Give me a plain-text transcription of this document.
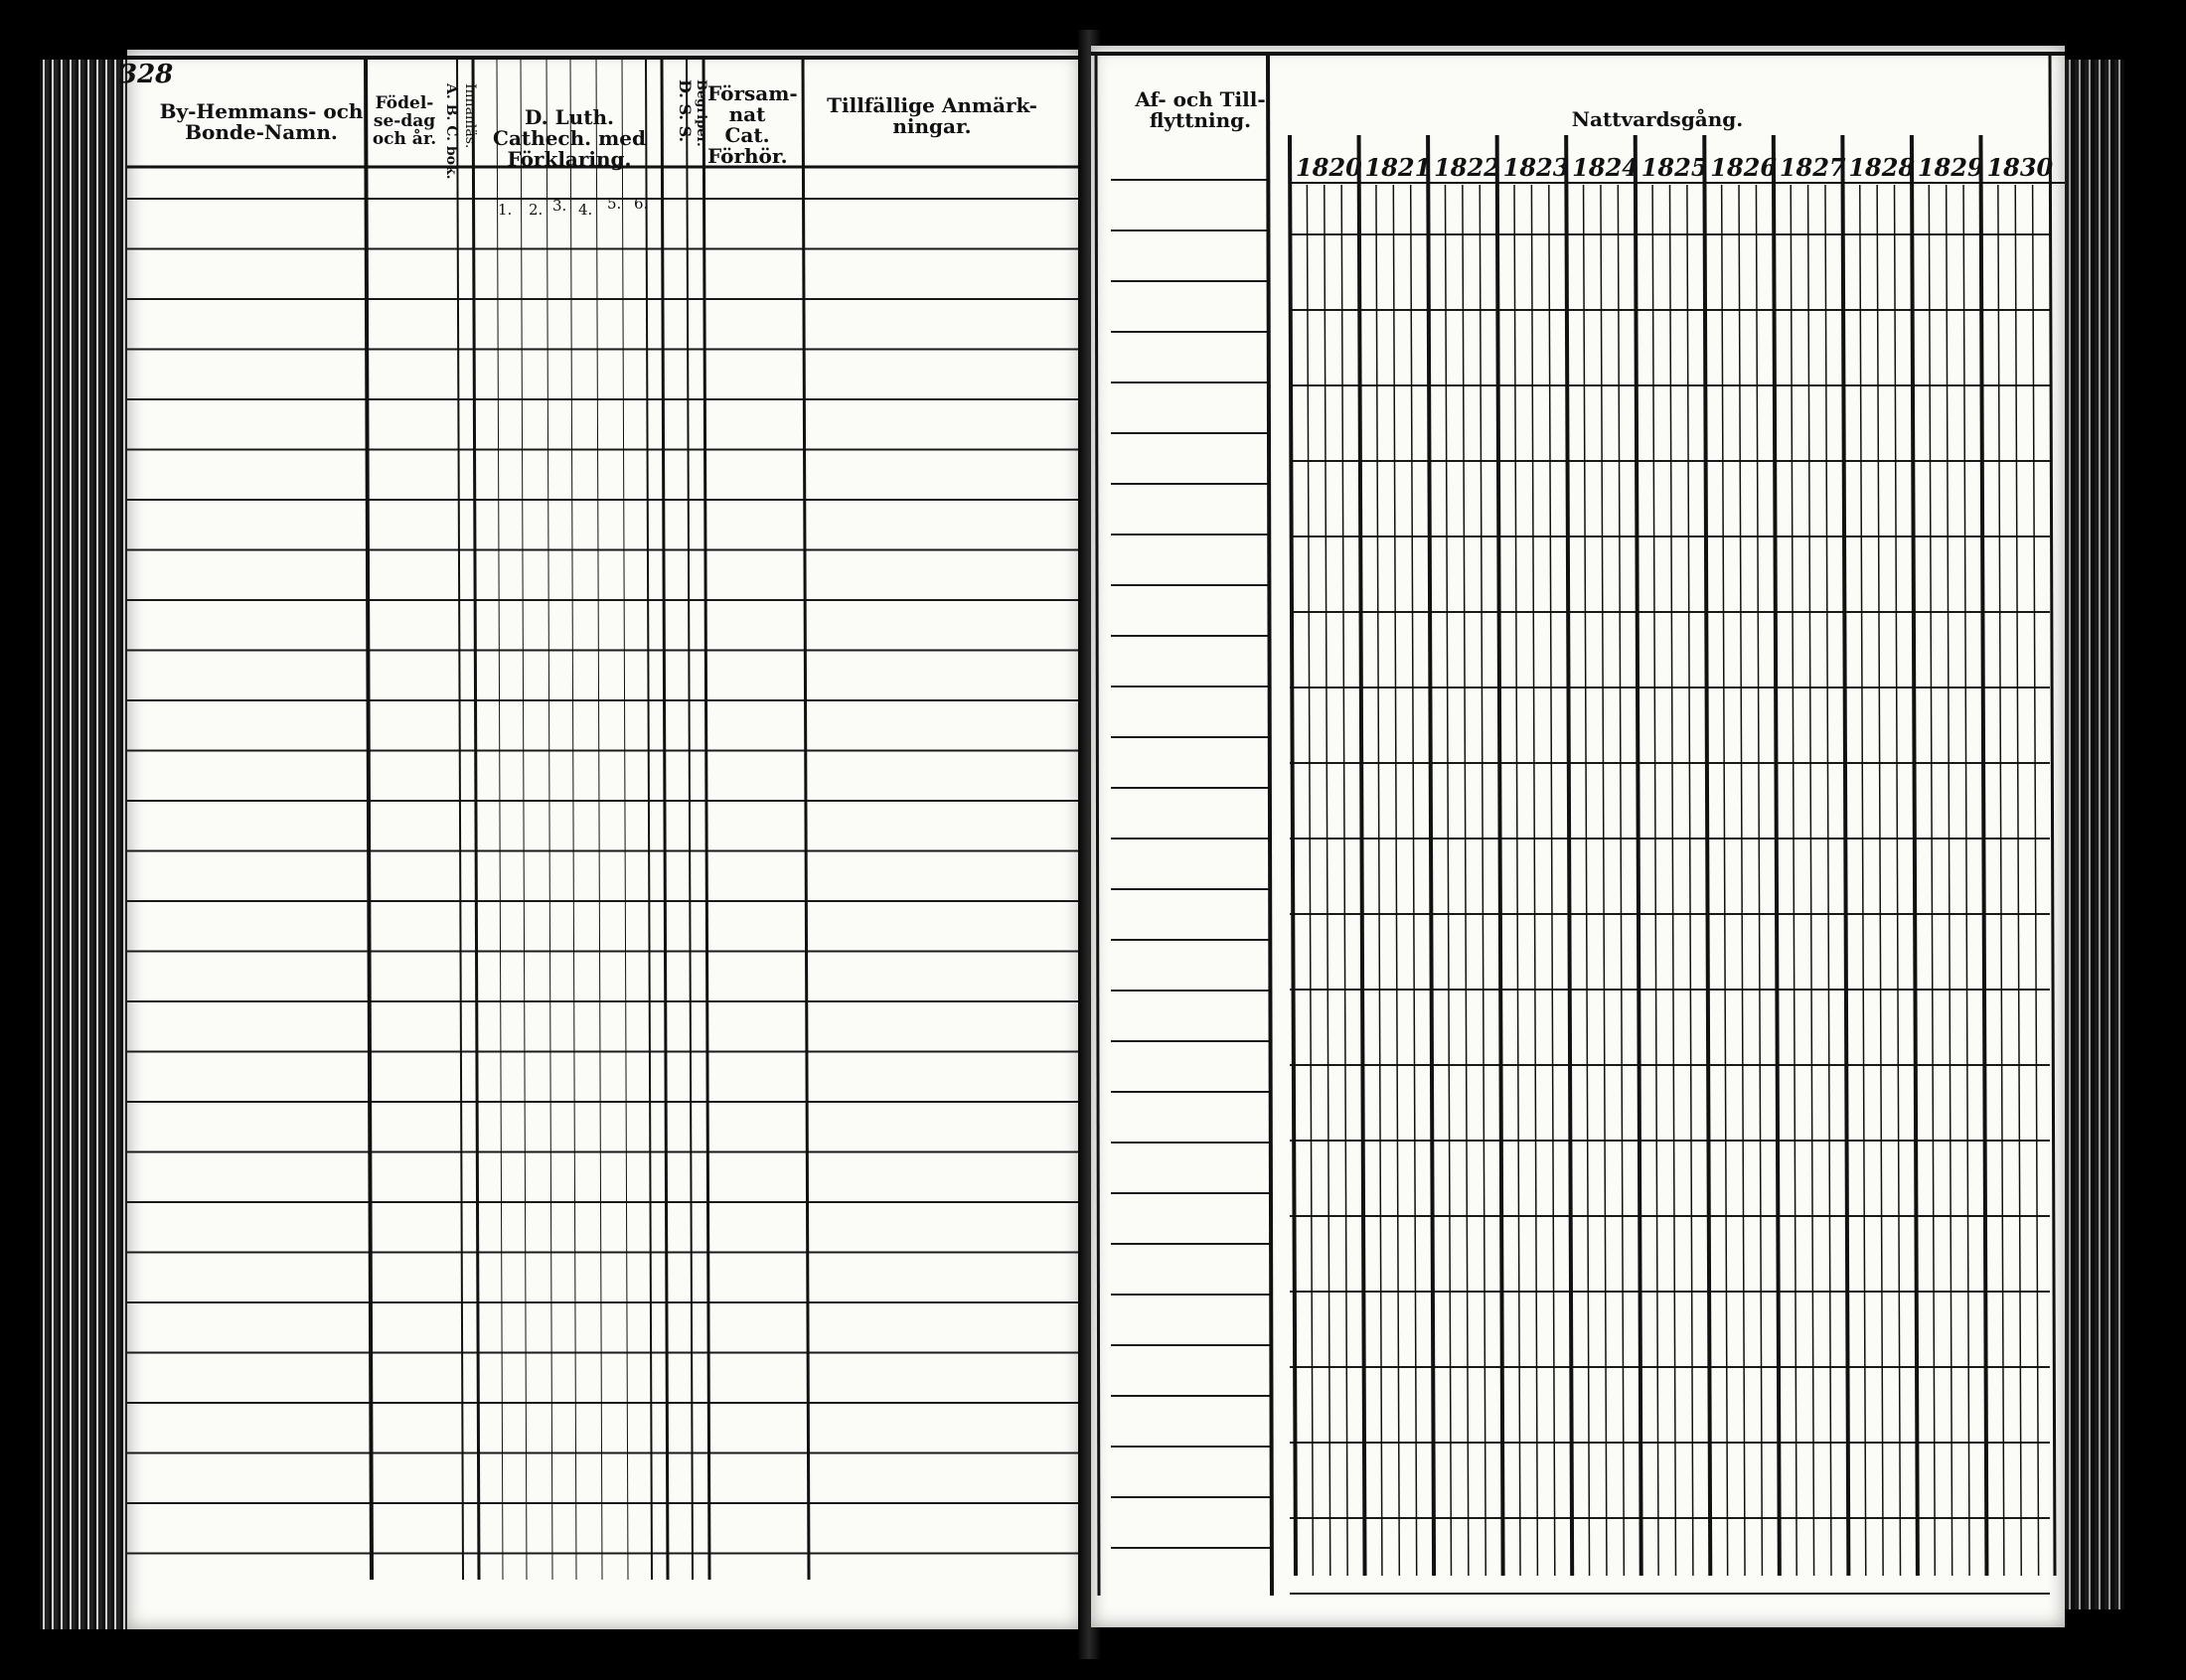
328
By-Hemmans- och Bonde-Namn.
Födel-se-dag och år. A. B. C. bok. Innanläs.	D. Luth. Cathech. med Förklaring.
1. 2. 3. 4. 5. 6.
D. S. S. Begriper. Försam-nat Cat. Förhör.
Tillfällige Anmärk-ningar.
Af- och Till-flyttning.	Nattvardsgång.
1820 1821 1822 1823 1824 1825 1826 1827 1828 1829 1830
